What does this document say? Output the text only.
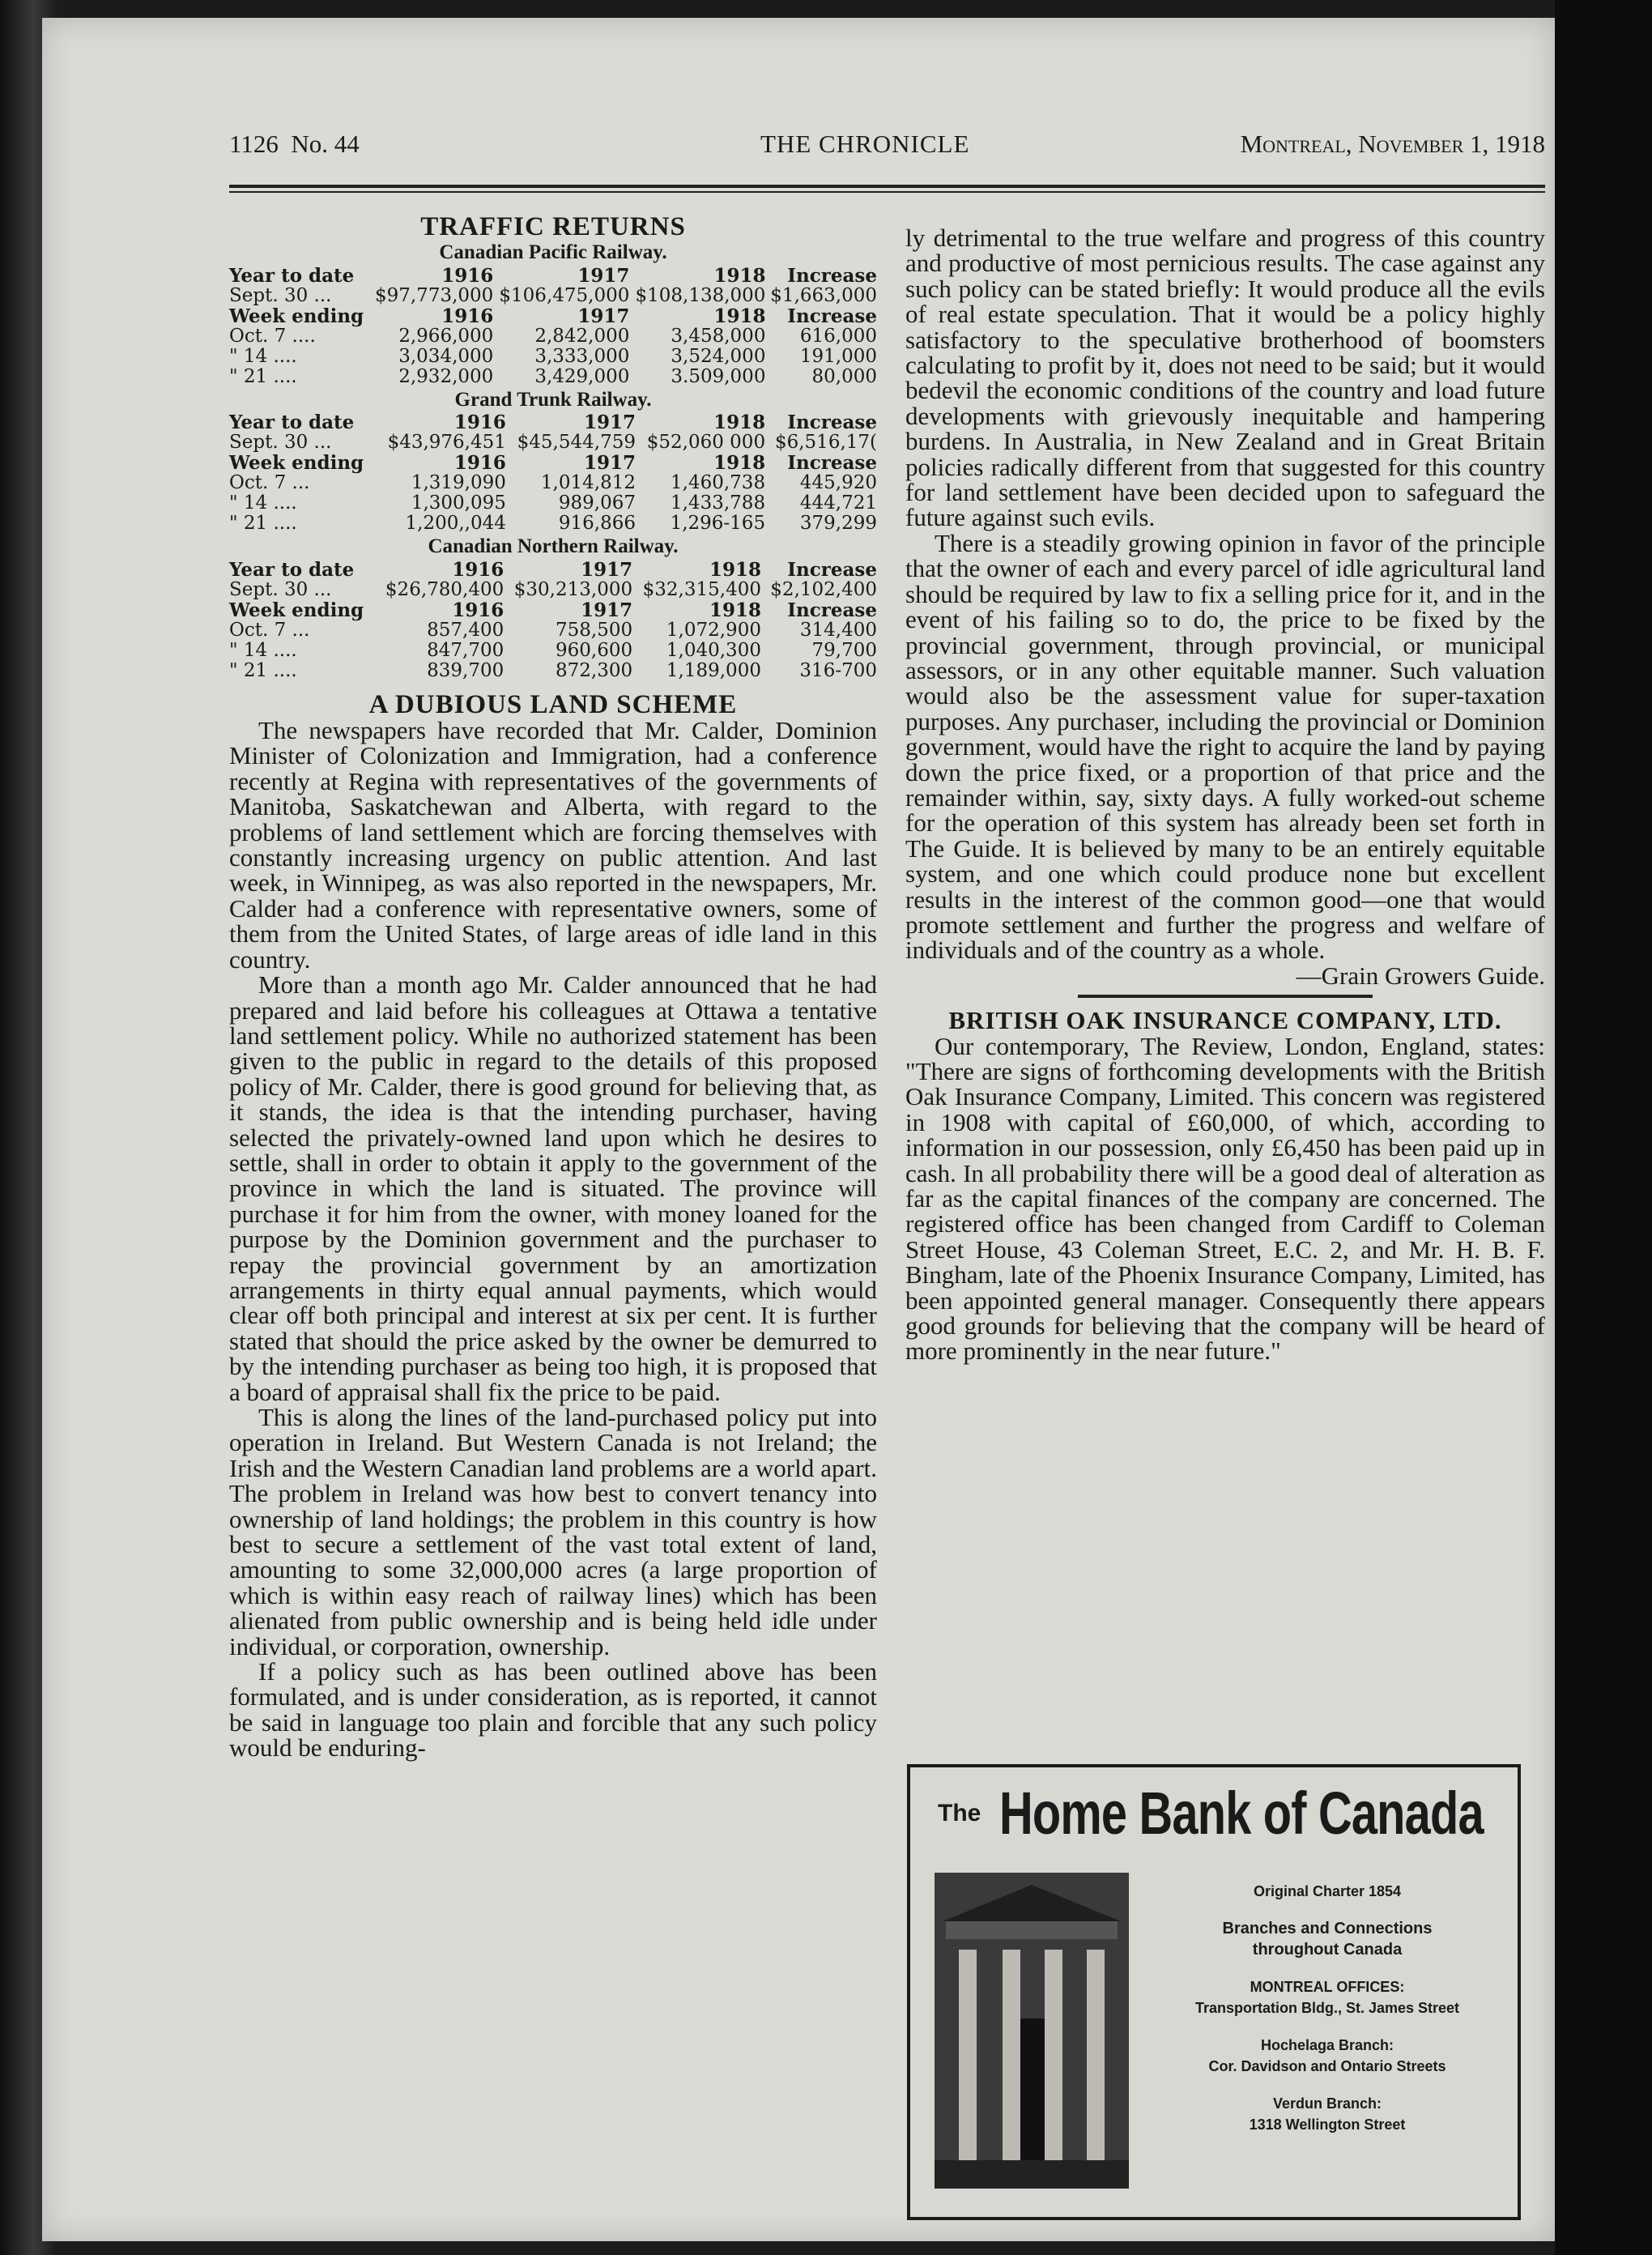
1126 No. 44	THE CHRONICLE	Montreal, November 1, 1918

TRAFFIC RETURNS

Canadian Pacific Railway.

Year to date	1916	1917	1918	Increase
Sept. 30 ...	$97,773,000	$106,475,000	$108,138,000	$1,663,000
Week ending	1916	1917	1918	Increase
Oct. 7 ....	2,966,000	2,842,000	3,458,000	616,000
" 14 ....	3,034,000	3,333,000	3,524,000	191,000
" 21 ....	2,932,000	3,429,000	3.509,000	80,000

Grand Trunk Railway.

Year to date	1916	1917	1918	Increase
Sept. 30 ...	$43,976,451	$45,544,759	$52,060 000	$6,516,17(
Week ending	1916	1917	1918	Increase
Oct. 7 ...	1,319,090	1,014,812	1,460,738	445,920
" 14 ....	1,300,095	989,067	1,433,788	444,721
" 21 ....	1,200,,044	916,866	1,296-165	379,299

Canadian Northern Railway.

Year to date	1916	1917	1918	Increase
Sept. 30 ...	$26,780,400	$30,213,000	$32,315,400	$2,102,400
Week ending	1916	1917	1918	Increase
Oct. 7 ...	857,400	758,500	1,072,900	314,400
" 14 ....	847,700	960,600	1,040,300	79,700
" 21 ....	839,700	872,300	1,189,000	316-700

A DUBIOUS LAND SCHEME

The newspapers have recorded that Mr. Calder, Dominion Minister of Colonization and Immigration, had a conference recently at Regina with representatives of the governments of Manitoba, Saskatchewan and Alberta, with regard to the problems of land settlement which are forcing themselves with constantly increasing urgency on public attention. And last week, in Winnipeg, as was also reported in the newspapers, Mr. Calder had a conference with representative owners, some of them from the United States, of large areas of idle land in this country.

More than a month ago Mr. Calder announced that he had prepared and laid before his colleagues at Ottawa a tentative land settlement policy. While no authorized statement has been given to the public in regard to the details of this proposed policy of Mr. Calder, there is good ground for believing that, as it stands, the idea is that the intending purchaser, having selected the privately-owned land upon which he desires to settle, shall in order to obtain it apply to the government of the province in which the land is situated. The province will purchase it for him from the owner, with money loaned for the purpose by the Dominion government and the purchaser to repay the provincial government by an amortization arrangements in thirty equal annual payments, which would clear off both principal and interest at six per cent. It is further stated that should the price asked by the owner be demurred to by the intending purchaser as being too high, it is proposed that a board of appraisal shall fix the price to be paid.

This is along the lines of the land-purchased policy put into operation in Ireland. But Western Canada is not Ireland; the Irish and the Western Canadian land problems are a world apart. The problem in Ireland was how best to convert tenancy into ownership of land holdings; the problem in this country is how best to secure a settlement of the vast total extent of land, amounting to some 32,000,000 acres (a large proportion of which is within easy reach of railway lines) which has been alienated from public ownership and is being held idle under individual, or corporation, ownership.

If a policy such as has been outlined above has been formulated, and is under consideration, as is reported, it cannot be said in language too plain and forcible that any such policy would be enduring-

ly detrimental to the true welfare and progress of this country and productive of most pernicious results. The case against any such policy can be stated briefly: It would produce all the evils of real estate speculation. That it would be a policy highly satisfactory to the speculative brotherhood of boomsters calculating to profit by it, does not need to be said; but it would bedevil the economic conditions of the country and load future developments with grievously inequitable and hampering burdens. In Australia, in New Zealand and in Great Britain policies radically different from that suggested for this country for land settlement have been decided upon to safeguard the future against such evils.

There is a steadily growing opinion in favor of the principle that the owner of each and every parcel of idle agricultural land should be required by law to fix a selling price for it, and in the event of his failing so to do, the price to be fixed by the provincial government, through provincial, or municipal assessors, or in any other equitable manner. Such valuation would also be the assessment value for super-taxation purposes. Any purchaser, including the provincial or Dominion government, would have the right to acquire the land by paying down the price fixed, or a proportion of that price and the remainder within, say, sixty days. A fully worked-out scheme for the operation of this system has already been set forth in The Guide. It is believed by many to be an entirely equitable system, and one which could produce none but excellent results in the interest of the common good—one that would promote settlement and further the progress and welfare of individuals and of the country as a whole.

—Grain Growers Guide.

BRITISH OAK INSURANCE COMPANY, LTD.

Our contemporary, The Review, London, England, states: "There are signs of forthcoming developments with the British Oak Insurance Company, Limited. This concern was registered in 1908 with capital of £60,000, of which, according to information in our possession, only £6,450 has been paid up in cash. In all probability there will be a good deal of alteration as far as the capital finances of the company are concerned. The registered office has been changed from Cardiff to Coleman Street House, 43 Coleman Street, E.C. 2, and Mr. H. B. F. Bingham, late of the Phoenix Insurance Company, Limited, has been appointed general manager. Consequently there appears good grounds for believing that the company will be heard of more prominently in the near future."

The Home Bank of Canada
Original Charter 1854
Branches and Connections
throughout Canada
MONTREAL OFFICES:
Transportation Bldg., St. James Street
Hochelaga Branch:
Cor. Davidson and Ontario Streets
Verdun Branch:
1318 Wellington Street
